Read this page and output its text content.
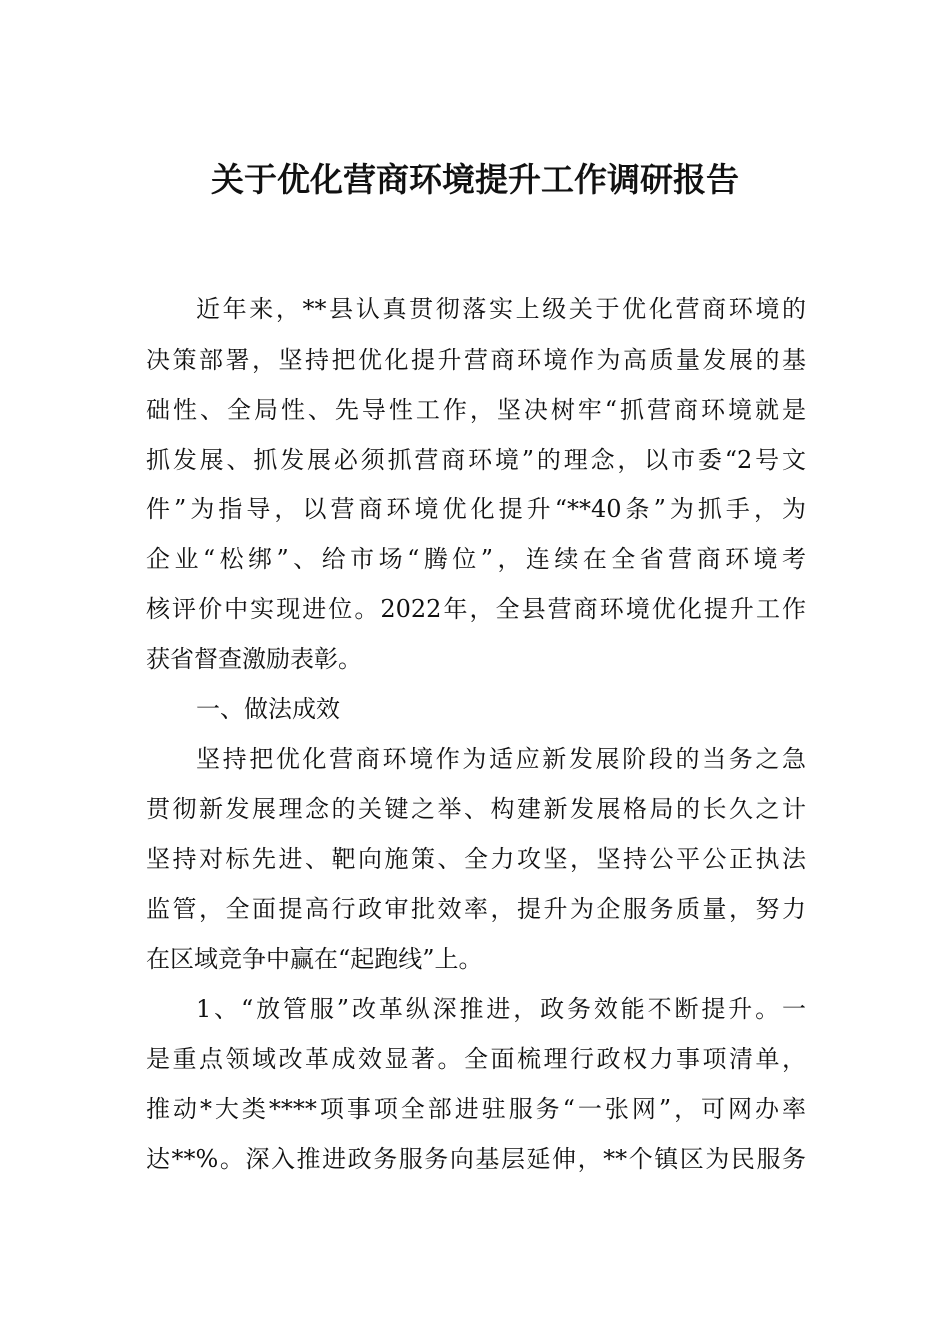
关于优化营商环境提升工作调研报告
近年来，**县认真贯彻落实上级关于优化营商环境的
决策部署，坚持把优化提升营商环境作为高质量发展的基
础性、全局性、先导性工作，坚决树牢“抓营商环境就是
抓发展、抓发展必须抓营商环境”的理念，以市委“2号文
件”为指导，以营商环境优化提升“**40条”为抓手，为
企业“松绑”、给市场“腾位”，连续在全省营商环境考
核评价中实现进位。2022年，全县营商环境优化提升工作
获省督查激励表彰。
一、做法成效
坚持把优化营商环境作为适应新发展阶段的当务之急
贯彻新发展理念的关键之举、构建新发展格局的长久之计
坚持对标先进、靶向施策、全力攻坚，坚持公平公正执法
监管，全面提高行政审批效率，提升为企服务质量，努力
在区域竞争中赢在“起跑线”上。
1、“放管服”改革纵深推进，政务效能不断提升。一
是重点领域改革成效显著。全面梳理行政权力事项清单，
推动*大类****项事项全部进驻服务“一张网”，可网办率
达**%。深入推进政务服务向基层延伸，**个镇区为民服务
